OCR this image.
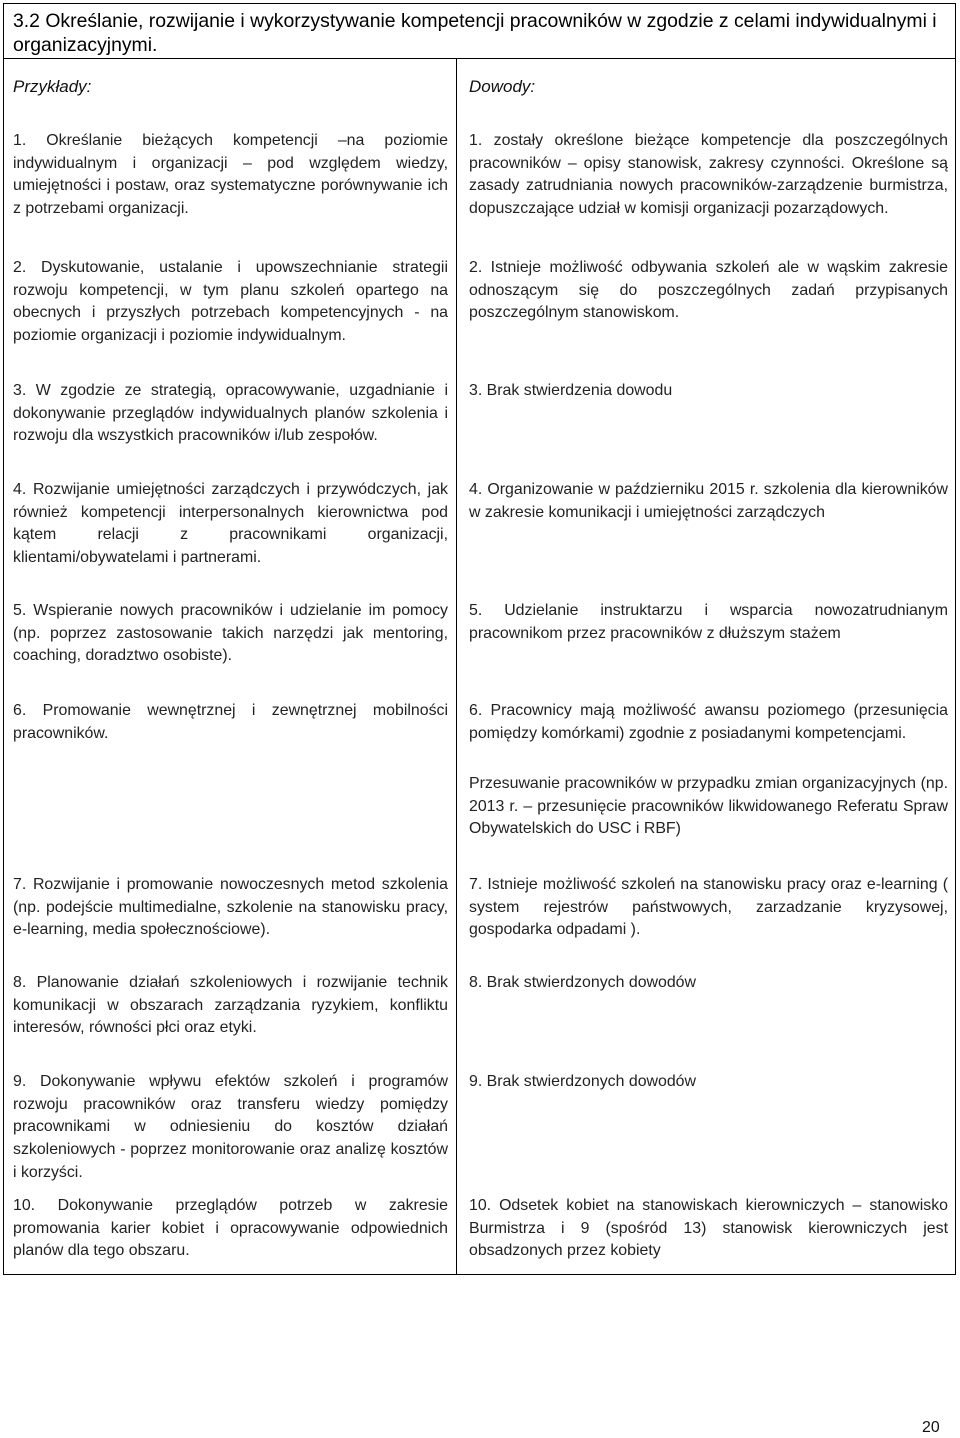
3.2 Określanie, rozwijanie i wykorzystywanie kompetencji pracowników w zgodzie z celami indywidualnymi i organizacyjnymi.
Przykłady:	Dowody:
1. Określanie bieżących kompetencji –na poziomie indywidualnym i organizacji – pod względem wiedzy, umiejętności i postaw, oraz systematyczne porównywanie ich z potrzebami organizacji.
2. Dyskutowanie, ustalanie i upowszechnianie strategii rozwoju kompetencji, w tym planu szkoleń opartego na obecnych i przyszłych potrzebach kompetencyjnych - na poziomie organizacji i poziomie indywidualnym.
3. W zgodzie ze strategią, opracowywanie, uzgadnianie i dokonywanie przeglądów indywidualnych planów szkolenia i rozwoju dla wszystkich pracowników i/lub zespołów.
4. Rozwijanie umiejętności zarządczych i przywódczych, jak również kompetencji interpersonalnych kierownictwa pod kątem relacji z pracownikami organizacji, klientami/obywatelami i partnerami.
5. Wspieranie nowych pracowników i udzielanie im pomocy (np. poprzez zastosowanie takich narzędzi jak mentoring, coaching, doradztwo osobiste).
6. Promowanie wewnętrznej i zewnętrznej mobilności pracowników.
7. Rozwijanie i promowanie nowoczesnych metod szkolenia (np. podejście multimedialne, szkolenie na stanowisku pracy, e-learning, media społecznościowe).
8. Planowanie działań szkoleniowych i rozwijanie technik komunikacji w obszarach zarządzania ryzykiem, konfliktu interesów, równości płci oraz etyki.
9. Dokonywanie wpływu efektów szkoleń i programów rozwoju pracowników oraz transferu wiedzy pomiędzy pracownikami w odniesieniu do kosztów działań szkoleniowych - poprzez monitorowanie oraz analizę kosztów i korzyści.
10. Dokonywanie przeglądów potrzeb w zakresie promowania karier kobiet i opracowywanie odpowiednich planów dla tego obszaru.
1. zostały określone bieżące kompetencje dla poszczególnych pracowników – opisy stanowisk, zakresy czynności. Określone są zasady zatrudniania nowych pracowników-zarządzenie burmistrza, dopuszczające udział w komisji organizacji pozarządowych.
2. Istnieje możliwość odbywania szkoleń ale w wąskim zakresie odnoszącym się do poszczególnych zadań przypisanych poszczególnym stanowiskom.
3. Brak stwierdzenia dowodu
4. Organizowanie w październiku 2015 r. szkolenia dla kierowników w zakresie komunikacji i umiejętności zarządczych
5. Udzielanie instruktarzu i wsparcia nowozatrudnianym pracownikom przez pracowników z dłuższym stażem
6. Pracownicy mają możliwość awansu poziomego (przesunięcia pomiędzy komórkami) zgodnie z posiadanymi kompetencjami.
Przesuwanie pracowników w przypadku zmian organizacyjnych (np. 2013 r. – przesunięcie pracowników likwidowanego Referatu Spraw Obywatelskich do USC i RBF)
7. Istnieje możliwość szkoleń na stanowisku pracy oraz e-learning ( system rejestrów państwowych, zarzadzanie kryzysowej, gospodarka odpadami ).
8. Brak stwierdzonych dowodów
9. Brak stwierdzonych dowodów
10. Odsetek kobiet na stanowiskach kierowniczych – stanowisko Burmistrza i 9 (spośród 13) stanowisk kierowniczych jest obsadzonych przez kobiety
20
